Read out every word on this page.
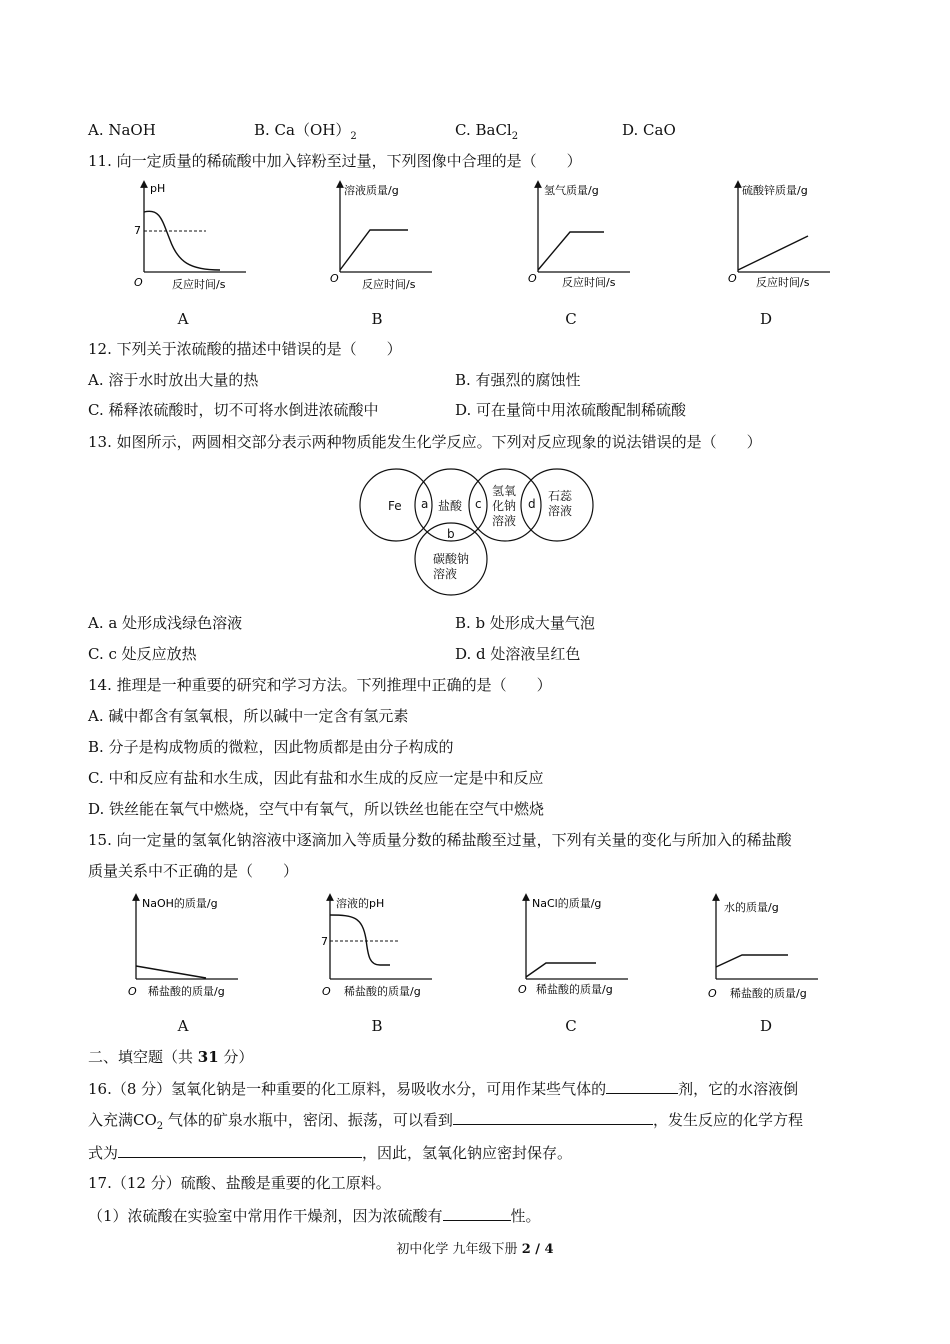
A. NaOH	B. $Ca(OH)_2$	C. BaCl$_2$	D. CaO
11. 向一定质量的稀硫酸中加入锌粉至过量，下列图像中合理的是（　　）
pH
7
O	反应时间/s
溶液质量/g
O 反应时间/s
氢气质量/g
O 反应时间/s
硫酸锌质量/g
O 反应时间/s
A	B	C	D
12. 下列关于浓硫酸的描述中错误的是（　　）
A. 溶于水时放出大量的热	B. 有强烈的腐蚀性
C. 稀释浓硫酸时，切不可将水倒进浓硫酸中	D. 可在量筒中用浓硫酸配制稀硫酸
13. 如图所示，两圆相交部分表示两种物质能发生化学反应。下列对反应现象的说法错误的是（　　）
Fe	盐酸
氢氧
化钠
溶液
石蕊
溶液
碳酸钠
溶液
a
b
c	d
A. a 处形成浅绿色溶液	B. b 处形成大量气泡
C. c 处反应放热	D. d 处溶液呈红色
14. 推理是一种重要的研究和学习方法。下列推理中正确的是（　　）
A. 碱中都含有氢氧根，所以碱中一定含有氢元素
B. 分子是构成物质的微粒，因此物质都是由分子构成的
C. 中和反应有盐和水生成，因此有盐和水生成的反应一定是中和反应
D. 铁丝能在氧气中燃烧，空气中有氧气，所以铁丝也能在空气中燃烧
15. 向一定量的氢氧化钠溶液中逐滴加入等质量分数的稀盐酸至过量，下列有关量的变化与所加入的稀盐酸
质量关系中不正确的是（　　）
NaOH的质量/g
O 稀盐酸的质量/g
溶液的pH
7
O 稀盐酸的质量/g
NaCl的质量/g
O 稀盐酸的质量/g
水的质量/g
O 稀盐酸的质量/g
A	B	C	D
二、填空题（共 31 分）
16.（8 分）氢氧化钠是一种重要的化工原料，易吸收水分，可用作某些气体的	剂，它的水溶液倒
入充满$CO_2$ 气体的矿泉水瓶中，密闭、振荡，可以看到	，发生反应的化学方程
式为	，因此，氢氧化钠应密封保存。
17.（12 分）硫酸、盐酸是重要的化工原料。
（1）浓硫酸在实验室中常用作干燥剂，因为浓硫酸有	性。
初中化学 九年级下册 2 / 4
